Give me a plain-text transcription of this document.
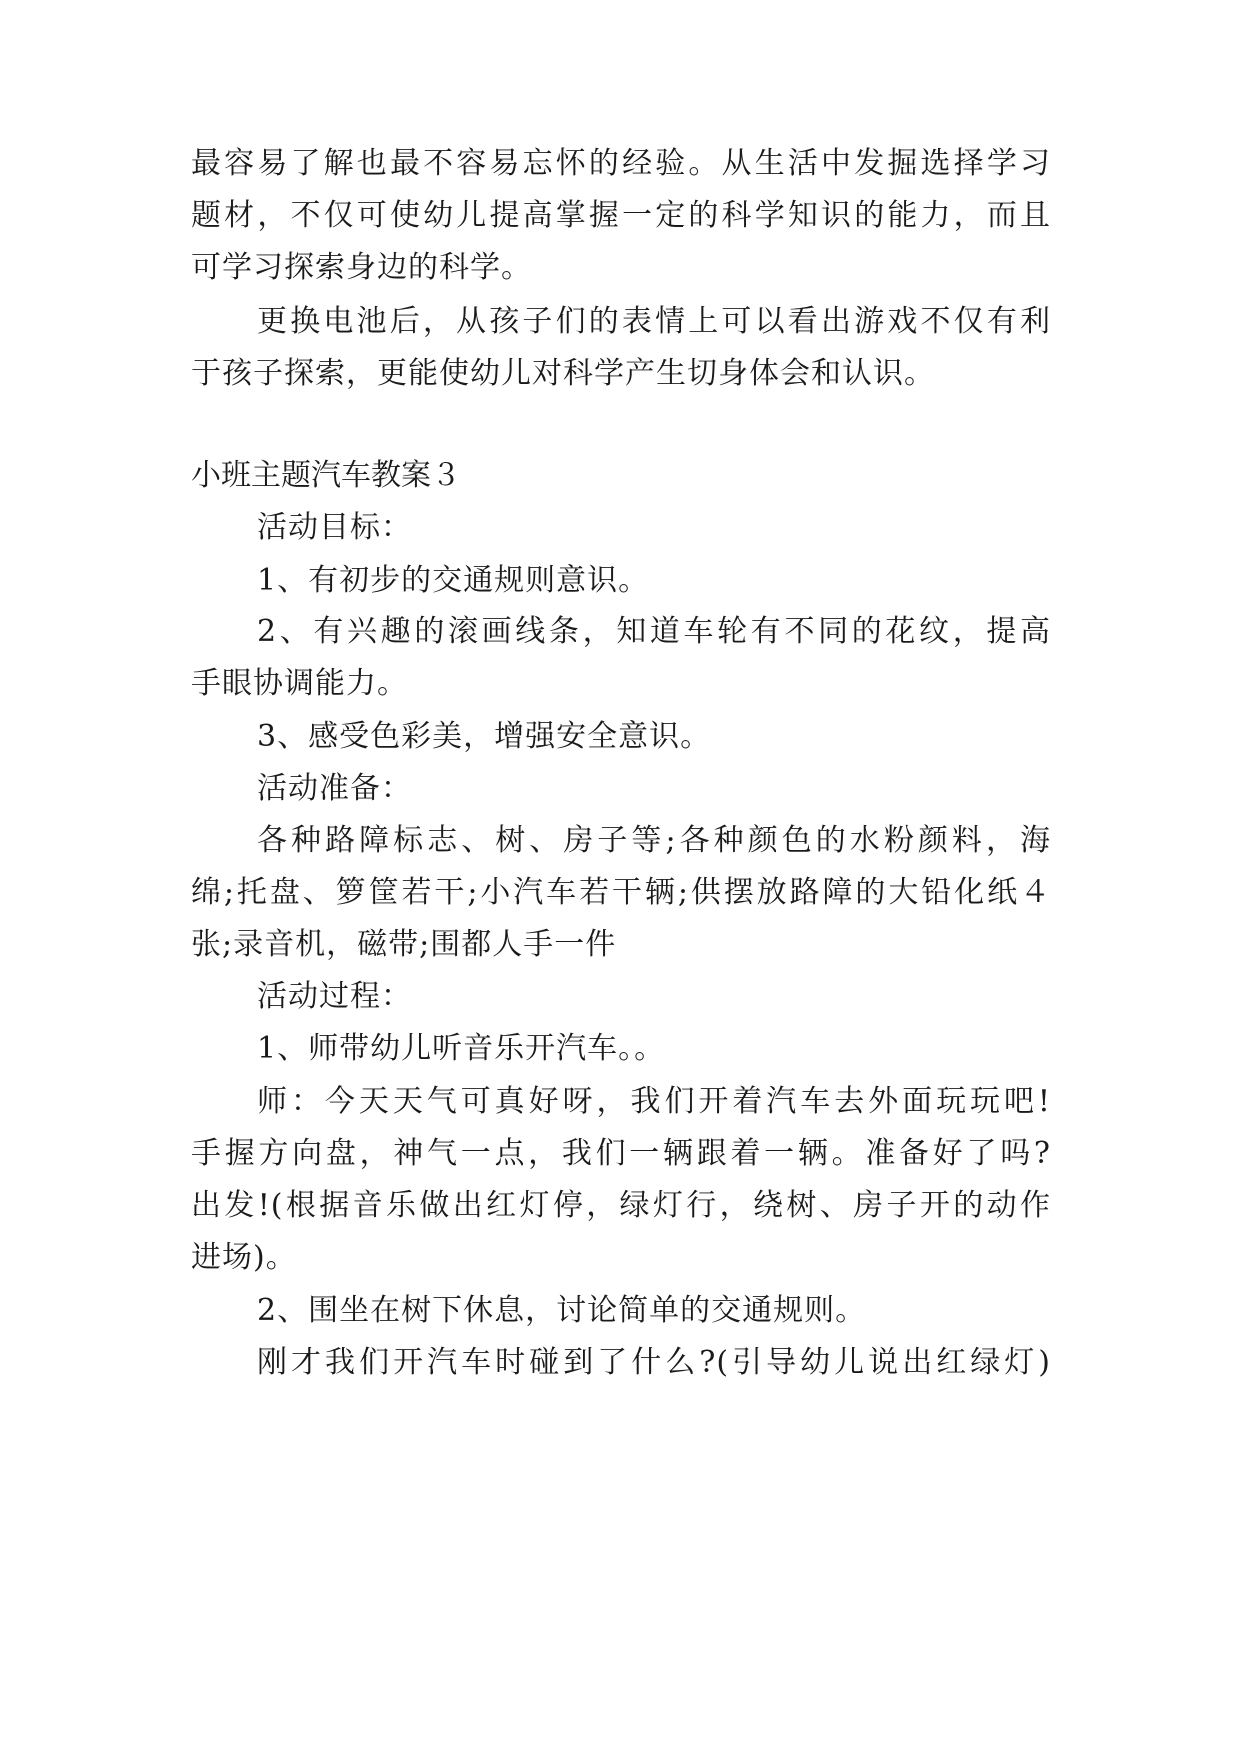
最容易了解也最不容易忘怀的经验。从生活中发掘选择学习
题材，不仅可使幼儿提高掌握一定的科学知识的能力，而且
可学习探索身边的科学。
更换电池后，从孩子们的表情上可以看出游戏不仅有利
于孩子探索，更能使幼儿对科学产生切身体会和认识。
小班主题汽车教案３
活动目标：
1、有初步的交通规则意识。
2、有兴趣的滚画线条，知道车轮有不同的花纹，提高
手眼协调能力。
3、感受色彩美，增强安全意识。
活动准备：
各种路障标志、树、房子等;各种颜色的水粉颜料，海
绵;托盘、箩筐若干;小汽车若干辆;供摆放路障的大铅化纸４
张;录音机，磁带;围都人手一件
活动过程：
1、师带幼儿听音乐开汽车。。
师：今天天气可真好呀，我们开着汽车去外面玩玩吧!
手握方向盘，神气一点，我们一辆跟着一辆。准备好了吗?
出发!(根据音乐做出红灯停，绿灯行，绕树、房子开的动作
进场)。
2、围坐在树下休息，讨论简单的交通规则。
刚才我们开汽车时碰到了什么?(引导幼儿说出红绿灯)
